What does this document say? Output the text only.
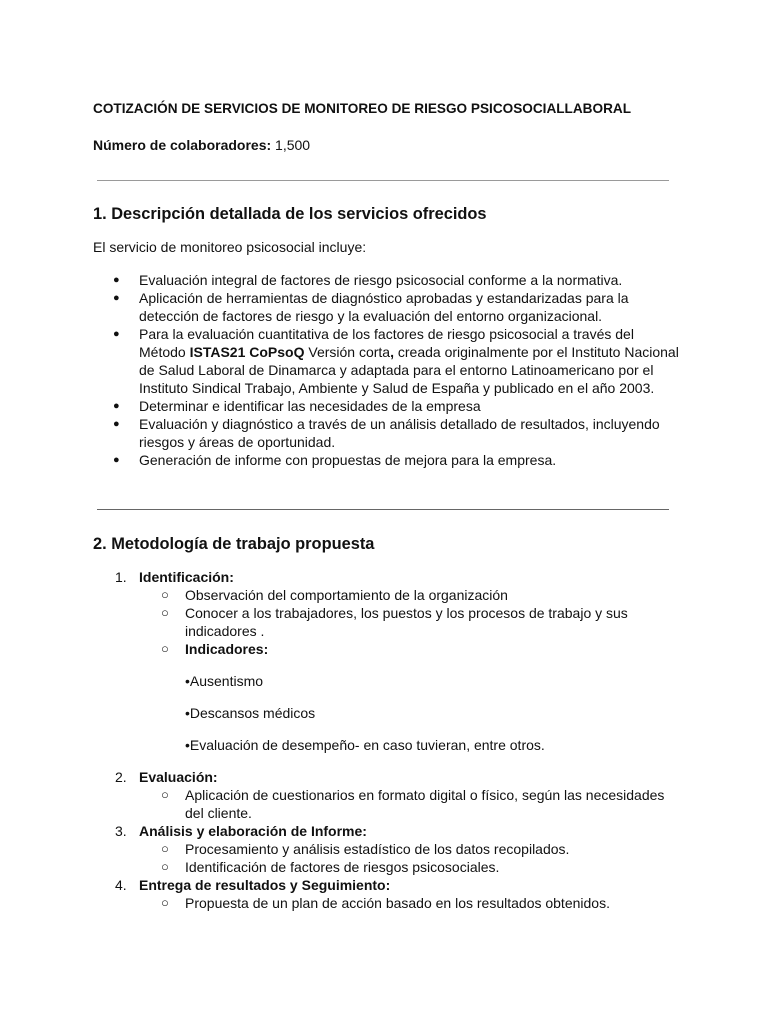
COTIZACIÓN DE SERVICIOS DE MONITOREO DE RIESGO PSICOSOCIALLABORAL
Número de colaboradores: 1,500
1. Descripción detallada de los servicios ofrecidos
El servicio de monitoreo psicosocial incluye:
● Evaluación integral de factores de riesgo psicosocial conforme a la normativa.
● Aplicación de herramientas de diagnóstico aprobadas y estandarizadas para la detección de factores de riesgo y la evaluación del entorno organizacional.
● Para la evaluación cuantitativa de los factores de riesgo psicosocial a través del Método ISTAS21 CoPsoQ Versión corta, creada originalmente por el Instituto Nacional de Salud Laboral de Dinamarca y adaptada para el entorno Latinoamericano por el Instituto Sindical Trabajo, Ambiente y Salud de España y publicado en el año 2003.
● Determinar e identificar las necesidades de la empresa
● Evaluación y diagnóstico a través de un análisis detallado de resultados, incluyendo riesgos y áreas de oportunidad.
● Generación de informe con propuestas de mejora para la empresa.
2. Metodología de trabajo propuesta
1. Identificación:
○ Observación del comportamiento de la organización
○ Conocer a los trabajadores, los puestos y los procesos de trabajo y sus indicadores .
○ Indicadores:
•Ausentismo
•Descansos médicos
•Evaluación de desempeño- en caso tuvieran, entre otros.
2. Evaluación:
○ Aplicación de cuestionarios en formato digital o físico, según las necesidades del cliente.
3. Análisis y elaboración de Informe:
○ Procesamiento y análisis estadístico de los datos recopilados.
○ Identificación de factores de riesgos psicosociales.
4. Entrega de resultados y Seguimiento:
○ Propuesta de un plan de acción basado en los resultados obtenidos.
